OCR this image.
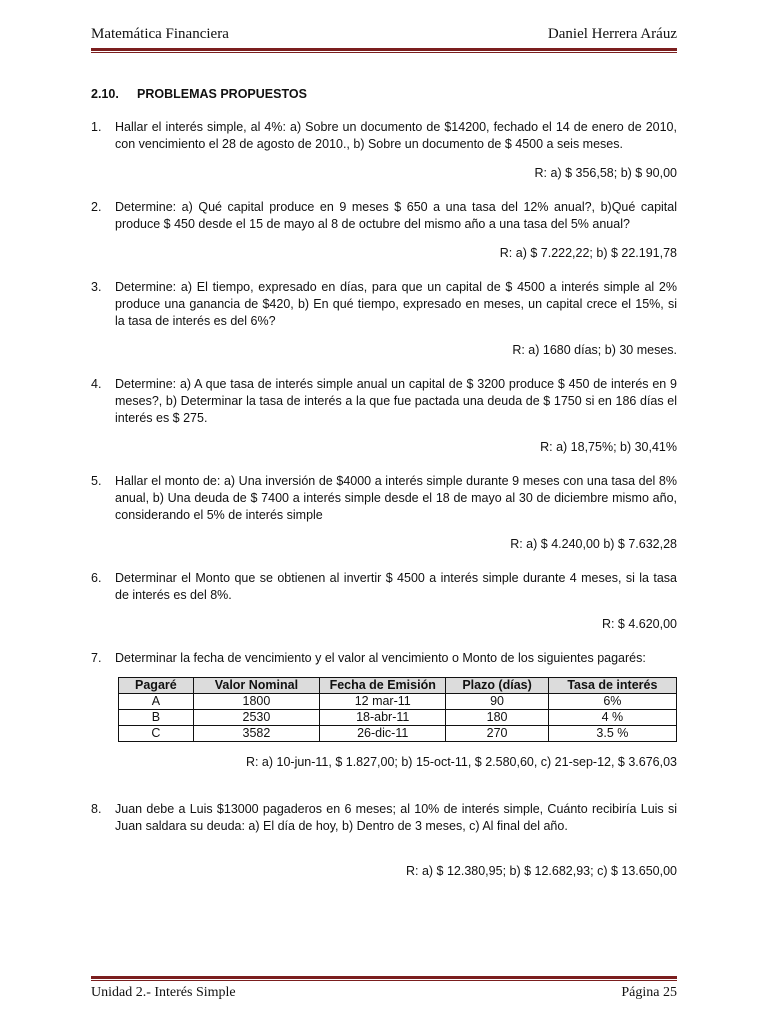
Matemática Financiera	Daniel Herrera Aráuz
2.10.	PROBLEMAS PROPUESTOS
1.	Hallar el interés simple, al 4%: a) Sobre un documento de $14200, fechado el 14 de enero de 2010, con vencimiento el 28 de agosto de 2010., b) Sobre un documento de $ 4500 a seis meses.
R: a) $ 356,58; b) $ 90,00
2.	Determine: a) Qué capital produce en 9 meses $ 650 a una tasa del 12% anual?, b)Qué capital produce $ 450 desde el 15 de mayo al 8 de octubre del mismo año a una tasa del 5% anual?
R: a) $ 7.222,22; b) $ 22.191,78
3.	Determine: a) El tiempo, expresado en días, para que un capital de $ 4500 a interés simple al 2% produce una ganancia de $420, b) En qué tiempo, expresado en meses, un capital crece el 15%, si la tasa de interés es del 6%?
R: a) 1680 días; b) 30 meses.
4.	Determine: a) A que tasa de interés simple anual un capital de $ 3200 produce $ 450 de interés en 9 meses?, b) Determinar la tasa de interés a la que fue pactada una deuda de $ 1750 si en 186 días el interés es $ 275.
R: a) 18,75%; b) 30,41%
5.	Hallar el monto de: a) Una inversión de $4000 a interés simple durante 9 meses con una tasa del 8% anual, b) Una deuda de $ 7400 a interés simple desde el 18 de mayo al 30 de diciembre mismo año, considerando el 5% de interés simple
R: a) $ 4.240,00 b) $ 7.632,28
6.	Determinar el Monto que se obtienen al invertir $ 4500 a interés simple durante 4 meses, si la tasa de interés es del 8%.
R: $ 4.620,00
7.	Determinar la fecha de vencimiento y el valor al vencimiento o Monto de los siguientes pagarés:
Pagaré	Valor Nominal	Fecha de Emisión	Plazo (días)	Tasa de interés
A	1800	12 mar-11	90	6%
B	2530	18-abr-11	180	4 %
C	3582	26-dic-11	270	3.5 %
R: a) 10-jun-11, $ 1.827,00; b) 15-oct-11, $ 2.580,60, c) 21-sep-12, $ 3.676,03
8.	Juan debe a Luis $13000 pagaderos en 6 meses; al 10% de interés simple, Cuánto recibiría Luis si Juan saldara su deuda: a) El día de hoy, b) Dentro de 3 meses, c) Al final del año.
R: a) $ 12.380,95; b) $ 12.682,93; c) $ 13.650,00
Unidad 2.- Interés Simple	Página 25
